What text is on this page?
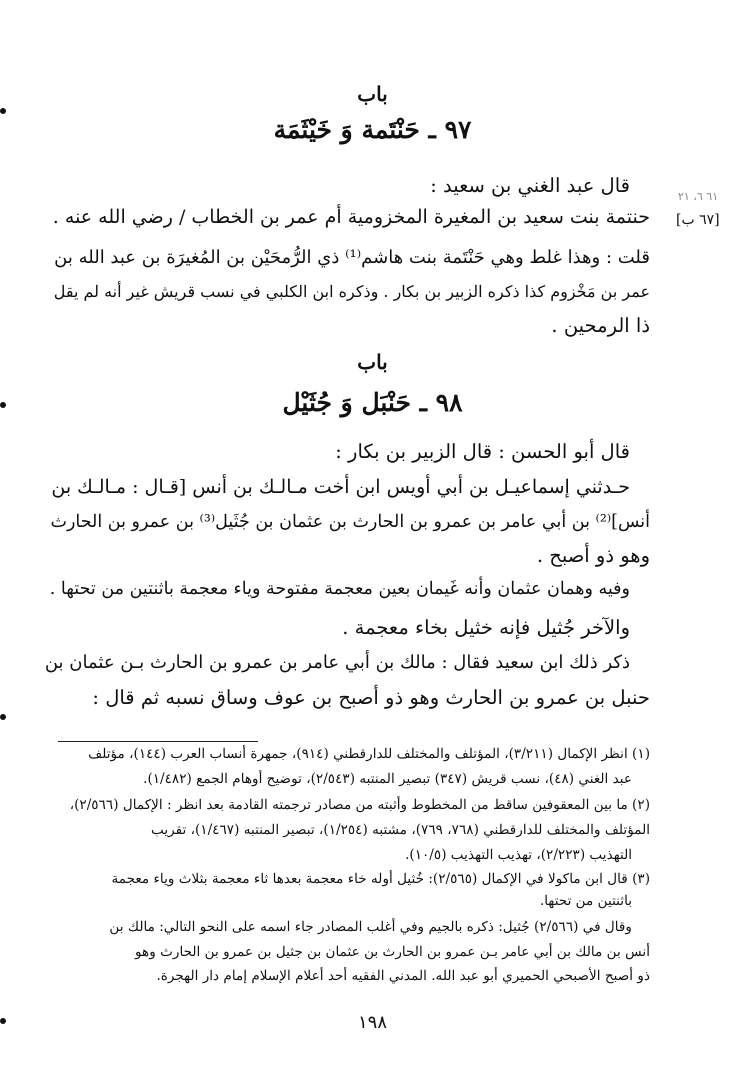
باب
٩٧ ـ حَنْتَمة وَ خَيْثَمَة
قال عبد الغني بن سعيد :
حنتمة بنت سعيد بن المغيرة المخزومية أم عمر بن الخطاب / رضي الله عنه .
قلت : وهذا غلط وهي حَنْتَمة بنت هاشم⁽¹⁾ ذي الرُّمحَيْن بن المُغيرَة بن عبد الله بن
عمر بن مَخْزوم كذا ذكره الزبير بن بكار . وذكره ابن الكلبي في نسب قريش غير أنه لم يقل
ذا الرمحين .
٦١ ٦، ٢١
[٦٧ ب]
باب
٩٨ ـ حَنْبَل وَ جُثَيْل
قال أبو الحسن : قال الزبير بن بكار :
حـدثني إسماعيـل بن أبي أويس ابن أخت مـالـك بن أنس [قـال : مـالـك بن
أنس]⁽²⁾ بن أبي عامر بن عمرو بن الحارث بن عثمان بن جُثَيل⁽³⁾ بن عمرو بن الحارث
وهو ذو أصبح .
وفيه وهمان عثمان وأنه غَيمان بعين معجمة مفتوحة وياء معجمة باثنتين من تحتها .
والآخر جُثيل فإنه خثيل بخاء معجمة .
ذكر ذلك ابن سعيد فقال : مالك بن أبي عامر بن عمرو بن الحارث بـن عثمان بن
حنبل بن عمرو بن الحارث وهو ذو أصبح بن عوف وساق نسبه ثم قال :
(١) انظر الإكمال (٣/٢١١)، المؤتلف والمختلف للدارقطني (٩١٤)، جمهرة أنساب العرب (١٤٤)، مؤتلف
عبد الغني (٤٨)، نسب قريش (٣٤٧) تبصير المنتبه (٢/٥٤٣)، توضيح أوهام الجمع (١/٤٨٢).
(٢) ما بين المعقوفين ساقط من المخطوط وأثبته من مصادر ترجمته القادمة بعد انظر : الإكمال (٢/٥٦٦)،
المؤتلف والمختلف للدارقطني (٧٦٨، ٧٦٩)، مشتبه (١/٢٥٤)، تبصير المنتبه (١/٤٦٧)، تقريب
التهذيب (٢/٢٢٣)، تهذيب التهذيب (١٠/٥).
(٣) قال ابن ماكولا في الإكمال (٢/٥٦٥): خُثيل أوله خاء معجمة بعدها ثاء معجمة بثلاث وياء معجمة
باثنتين من تحتها.
وقال في (٢/٥٦٦) جُثيل: ذكره بالجيم وفي أغلب المصادر جاء اسمه على النحو التالي: مالك بن
أنس بن مالك بن أبي عامر بـن عمرو بن الحارث بن عثمان بن جثيل بن عمرو بن الحارث وهو
ذو أصبح الأصبحي الحميري أبو عبد الله. المدني الفقيه أحد أعلام الإسلام إمام دار الهجرة.
١٩٨
